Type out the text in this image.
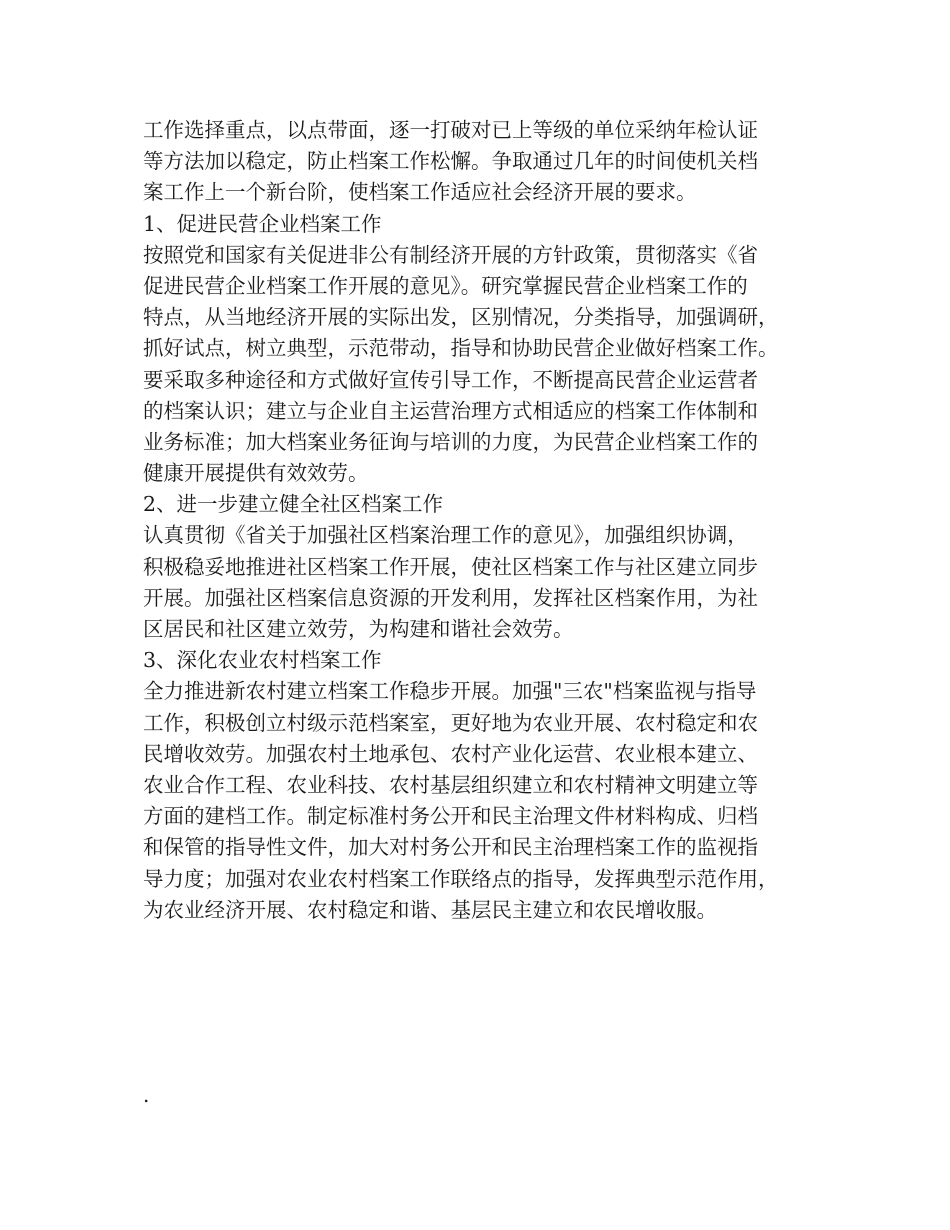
工作选择重点，以点带面，逐一打破对已上等级的单位采纳年检认证
等方法加以稳定，防止档案工作松懈。争取通过几年的时间使机关档
案工作上一个新台阶，使档案工作适应社会经济开展的要求。
1、促进民营企业档案工作
按照党和国家有关促进非公有制经济开展的方针政策，贯彻落实《省
促进民营企业档案工作开展的意见》。研究掌握民营企业档案工作的
特点，从当地经济开展的实际出发，区别情况，分类指导，加强调研，
抓好试点，树立典型，示范带动，指导和协助民营企业做好档案工作。
要采取多种途径和方式做好宣传引导工作，不断提高民营企业运营者
的档案认识；建立与企业自主运营治理方式相适应的档案工作体制和
业务标准；加大档案业务征询与培训的力度，为民营企业档案工作的
健康开展提供有效效劳。
2、进一步建立健全社区档案工作
认真贯彻《省关于加强社区档案治理工作的意见》，加强组织协调，
积极稳妥地推进社区档案工作开展，使社区档案工作与社区建立同步
开展。加强社区档案信息资源的开发利用，发挥社区档案作用，为社
区居民和社区建立效劳，为构建和谐社会效劳。
3、深化农业农村档案工作
全力推进新农村建立档案工作稳步开展。加强"三农"档案监视与指导
工作，积极创立村级示范档案室，更好地为农业开展、农村稳定和农
民增收效劳。加强农村土地承包、农村产业化运营、农业根本建立、
农业合作工程、农业科技、农村基层组织建立和农村精神文明建立等
方面的建档工作。制定标准村务公开和民主治理文件材料构成、归档
和保管的指导性文件，加大对村务公开和民主治理档案工作的监视指
导力度；加强对农业农村档案工作联络点的指导，发挥典型示范作用，
为农业经济开展、农村稳定和谐、基层民主建立和农民增收服。
.
